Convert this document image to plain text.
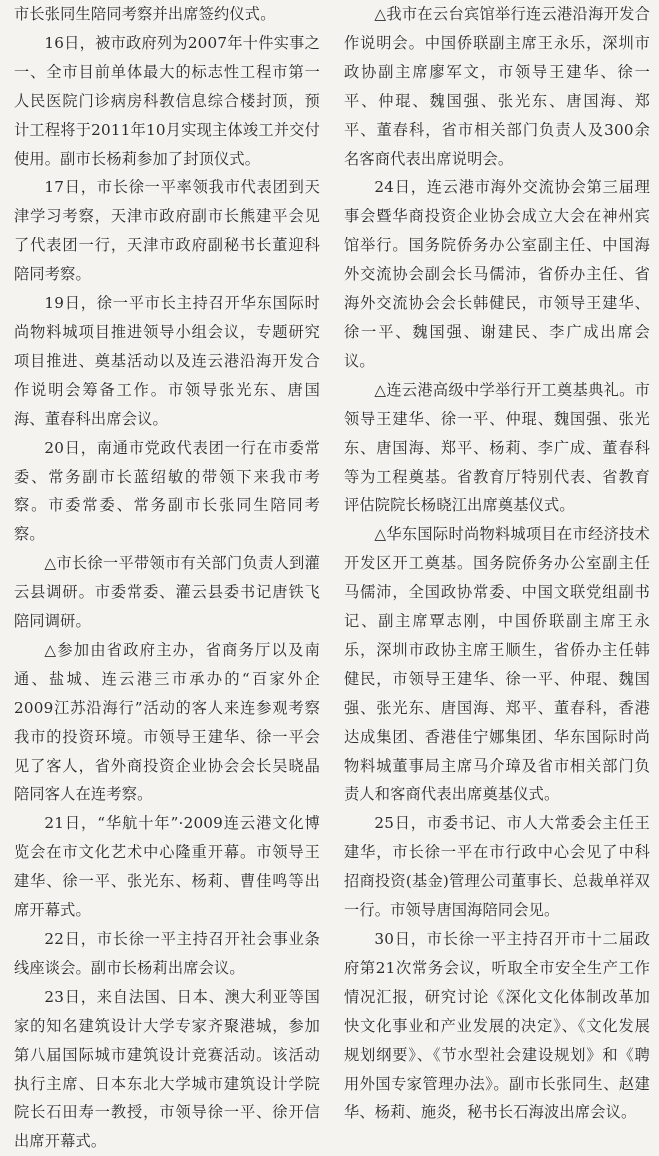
市长张同生陪同考察并出席签约仪式。

16日，被市政府列为2007年十件实事之一、全市目前单体最大的标志性工程市第一人民医院门诊病房科教信息综合楼封顶，预计工程将于2011年10月实现主体竣工并交付使用。副市长杨莉参加了封顶仪式。

17日，市长徐一平率领我市代表团到天津学习考察，天津市政府副市长熊建平会见了代表团一行，天津市政府副秘书长董迎科陪同考察。

19日，徐一平市长主持召开华东国际时尚物料城项目推进领导小组会议，专题研究项目推进、奠基活动以及连云港沿海开发合作说明会筹备工作。市领导张光东、唐国海、董春科出席会议。

20日，南通市党政代表团一行在市委常委、常务副市长蓝绍敏的带领下来我市考察。市委常委、常务副市长张同生陪同考察。

△市长徐一平带领市有关部门负责人到灌云县调研。市委常委、灌云县委书记唐铁飞陪同调研。

△参加由省政府主办，省商务厅以及南通、盐城、连云港三市承办的“百家外企2009江苏沿海行”活动的客人来连参观考察我市的投资环境。市领导王建华、徐一平会见了客人，省外商投资企业协会会长吴晓晶陪同客人在连考察。

21日，“华航十年”·2009连云港文化博览会在市文化艺术中心隆重开幕。市领导王建华、徐一平、张光东、杨莉、曹佳鸣等出席开幕式。

22日，市长徐一平主持召开社会事业条线座谈会。副市长杨莉出席会议。

23日，来自法国、日本、澳大利亚等国家的知名建筑设计大学专家齐聚港城，参加第八届国际城市建筑设计竞赛活动。该活动执行主席、日本东北大学城市建筑设计学院院长石田寿一教授，市领导徐一平、徐开信出席开幕式。

△我市在云台宾馆举行连云港沿海开发合作说明会。中国侨联副主席王永乐，深圳市政协副主席廖军文，市领导王建华、徐一平、仲琨、魏国强、张光东、唐国海、郑平、董春科，省市相关部门负责人及300余名客商代表出席说明会。

24日，连云港市海外交流协会第三届理事会暨华商投资企业协会成立大会在神州宾馆举行。国务院侨务办公室副主任、中国海外交流协会副会长马儒沛，省侨办主任、省海外交流协会会长韩健民，市领导王建华、徐一平、魏国强、谢建民、李广成出席会议。

△连云港高级中学举行开工奠基典礼。市领导王建华、徐一平、仲琨、魏国强、张光东、唐国海、郑平、杨莉、李广成、董春科等为工程奠基。省教育厅特别代表、省教育评估院院长杨晓江出席奠基仪式。

△华东国际时尚物料城项目在市经济技术开发区开工奠基。国务院侨务办公室副主任马儒沛，全国政协常委、中国文联党组副书记、副主席覃志刚，中国侨联副主席王永乐，深圳市政协主席王顺生，省侨办主任韩健民，市领导王建华、徐一平、仲琨、魏国强、张光东、唐国海、郑平、董春科，香港达成集团、香港佳宁娜集团、华东国际时尚物料城董事局主席马介璋及省市相关部门负责人和客商代表出席奠基仪式。

25日，市委书记、市人大常委会主任王建华，市长徐一平在市行政中心会见了中科招商投资(基金)管理公司董事长、总裁单祥双一行。市领导唐国海陪同会见。

30日，市长徐一平主持召开市十二届政府第21次常务会议，听取全市安全生产工作情况汇报，研究讨论《深化文化体制改革加快文化事业和产业发展的决定》、《文化发展规划纲要》、《节水型社会建设规划》和《聘用外国专家管理办法》。副市长张同生、赵建华、杨莉、施炎，秘书长石海波出席会议。
